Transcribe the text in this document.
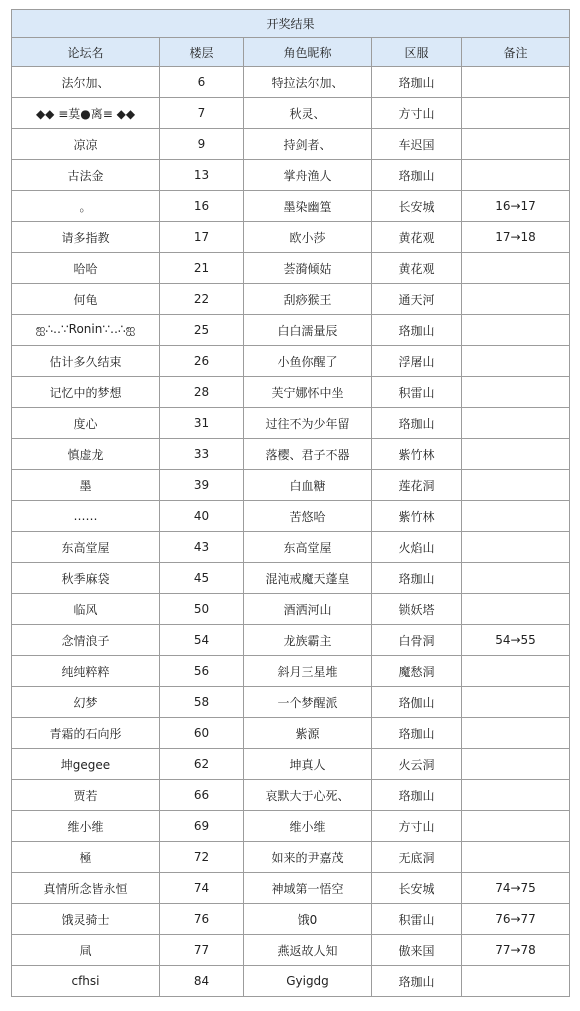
开奖结果				
论坛名	楼层	角色昵称	区服	备注
法尔加、	6	特拉法尔加、	珞珈山	
◆◆ ≡莫●离≡ ◆◆	7	秋灵、	方寸山	
凉凉	9	持剑者、	车迟国	
古法金	13	掌舟渔人	珞珈山	
。	16	墨染幽篁	长安城	16→17
请多指教	17	欧小莎	黄花观	17→18
哈哈	21	荟漪倾姑	黄花观	
何龟	22	刮痧猴王	通天河	
ஐ∴‥∵Ronin∵‥∴ஐ	25	白白濡量辰	珞珈山	
估计多久结束	26	小鱼你醒了	浮屠山	
记忆中的梦想	28	芙宁娜怀中坐	积雷山	
度心	31	过往不为少年留	珞珈山	
慎虚龙	33	落樱、君子不器	紫竹林	
墨	39	白血糖	莲花洞	
……	40	苦悠哈	紫竹林	
东高堂屋	43	东高堂屋	火焰山	
秋季麻袋	45	混沌戒魔天蓬皇	珞珈山	
临风	50	酒洒河山	锁妖塔	
念情浪子	54	龙族霸主	白骨洞	54→55
纯纯粹粹	56	斜月三星堆	魔愁洞	
幻梦	58	一个梦醒派	珞伽山	
青霜的石向彤	60	紫源	珞珈山	
坤gegee	62	坤真人	火云洞	
贾若	66	哀默大于心死、	珞珈山	
维小维	69	维小维	方寸山	
極	72	如来的尹嘉茂	无底洞	
真情所念皆永恒	74	神域第一悟空	长安城	74→75
饿灵骑士	76	饿0	积雷山	76→77
凬	77	燕返故人知	傲来国	77→78
cfhsi	84	Gyigdg	珞珈山	
